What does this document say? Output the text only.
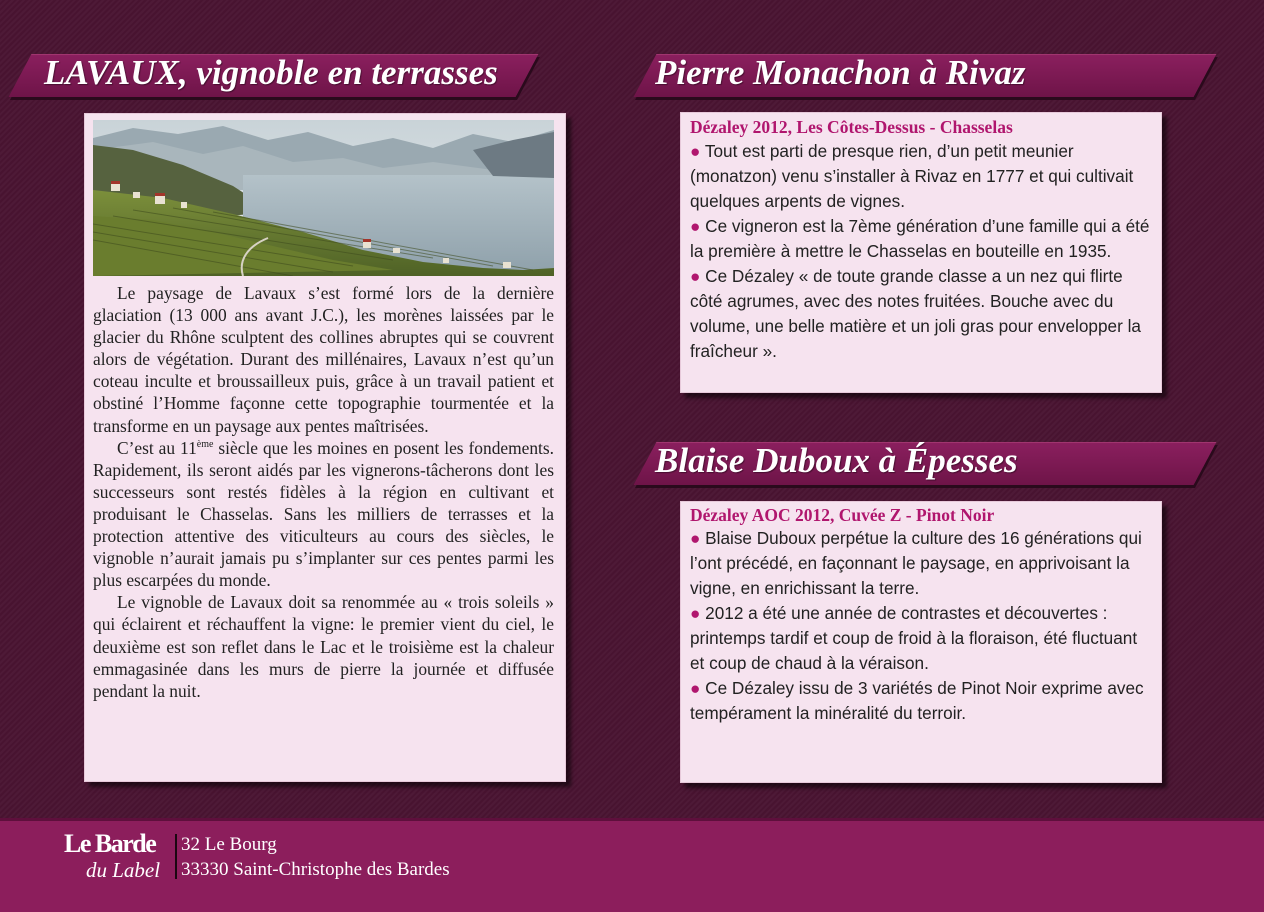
LAVAUX, vignoble en terrasses	Pierre Monachon à Rivaz
Blaise Duboux à Épesses

Le paysage de Lavaux s’est formé lors de la dernière glaciation (13 000 ans avant J.C.), les morènes laissées par le glacier du Rhône sculptent des collines abruptes qui se couvrent alors de végétation. Durant des millénaires, Lavaux n’est qu’un coteau inculte et broussailleux puis, grâce à un travail patient et obstiné l’Homme façonne cette topographie tourmentée et la transforme en un paysage aux pentes maîtrisées.

C’est au 11ème siècle que les moines en posent les fondements. Rapidement, ils seront aidés par les vignerons-tâcherons dont les successeurs sont restés fidèles à la région en cultivant et produisant le Chasselas. Sans les milliers de terrasses et la protection attentive des viticulteurs au cours des siècles, le vignoble n’aurait jamais pu s’implanter sur ces pentes parmi les plus escarpées du monde.

Le vignoble de Lavaux doit sa renommée au « trois soleils » qui éclairent et réchauffent la vigne: le premier vient du ciel, le deuxième est son reflet dans le Lac et le troisième est la chaleur emmagasinée dans les murs de pierre la journée et diffusée pendant la nuit.

Dézaley 2012, Les Côtes-Dessus - Chasselas

● Tout est parti de presque rien, d’un petit meunier (monatzon) venu s’installer à Rivaz en 1777 et qui cultivait quelques arpents de vignes.

● Ce vigneron est la 7ème génération d’une famille qui a été la première à mettre le Chasselas en bouteille en 1935.

● Ce Dézaley « de toute grande classe a un nez qui flirte côté agrumes, avec des notes fruitées. Bouche avec du volume, une belle matière et un joli gras pour envelopper la fraîcheur ».

Dézaley AOC 2012, Cuvée Z - Pinot Noir

● Blaise Duboux perpétue la culture des 16 générations qui l’ont précédé, en façonnant le paysage, en apprivoisant la vigne, en enrichissant la terre.

● 2012 a été une année de contrastes et découvertes : printemps tardif et coup de froid à la floraison, été fluctuant et coup de chaud à la véraison.

● Ce Dézaley issu de 3 variétés de Pinot Noir exprime avec tempérament la minéralité du terroir.

Le Barde
du Label
32 Le Bourg
33330 Saint-Christophe des Bardes
